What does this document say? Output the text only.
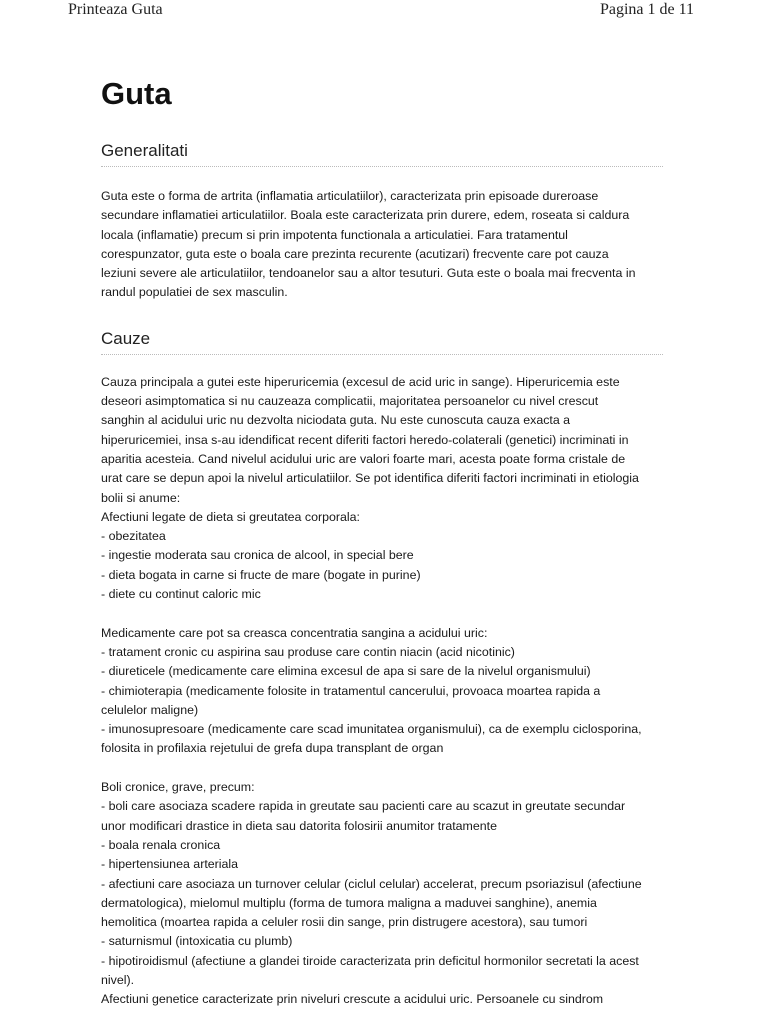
Printeaza Guta	Pagina 1 de 11
Guta
Generalitati

Guta este o forma de artrita (inflamatia articulatiilor), caracterizata prin episoade dureroase
secundare inflamatiei articulatiilor. Boala este caracterizata prin durere, edem, roseata si caldura
locala (inflamatie) precum si prin impotenta functionala a articulatiei. Fara tratamentul
corespunzator, guta este o boala care prezinta recurente (acutizari) frecvente care pot cauza
leziuni severe ale articulatiilor, tendoanelor sau a altor tesuturi. Guta este o boala mai frecventa in
randul populatiei de sex masculin.

Cauze

Cauza principala a gutei este hiperuricemia (excesul de acid uric in sange). Hiperuricemia este
deseori asimptomatica si nu cauzeaza complicatii, majoritatea persoanelor cu nivel crescut
sanghin al acidului uric nu dezvolta niciodata guta. Nu este cunoscuta cauza exacta a
hiperuricemiei, insa s-au idendificat recent diferiti factori heredo-colaterali (genetici) incriminati in
aparitia acesteia. Cand nivelul acidului uric are valori foarte mari, acesta poate forma cristale de
urat care se depun apoi la nivelul articulatiilor. Se pot identifica diferiti factori incriminati in etiologia
bolii si anume:
Afectiuni legate de dieta si greutatea corporala:
- obezitatea
- ingestie moderata sau cronica de alcool, in special bere
- dieta bogata in carne si fructe de mare (bogate in purine)
- diete cu continut caloric mic

Medicamente care pot sa creasca concentratia sangina a acidului uric:
- tratament cronic cu aspirina sau produse care contin niacin (acid nicotinic)
- diureticele (medicamente care elimina excesul de apa si sare de la nivelul organismului)
- chimioterapia (medicamente folosite in tratamentul cancerului, provoaca moartea rapida a
celulelor maligne)
- imunosupresoare (medicamente care scad imunitatea organismului), ca de exemplu ciclosporina,
folosita in profilaxia rejetului de grefa dupa transplant de organ

Boli cronice, grave, precum:
- boli care asociaza scadere rapida in greutate sau pacienti care au scazut in greutate secundar
unor modificari drastice in dieta sau datorita folosirii anumitor tratamente
- boala renala cronica
- hipertensiunea arteriala
- afectiuni care asociaza un turnover celular (ciclul celular) accelerat, precum psoriazisul (afectiune
dermatologica), mielomul multiplu (forma de tumora maligna a maduvei sanghine), anemia
hemolitica (moartea rapida a celuler rosii din sange, prin distrugere acestora), sau tumori
- saturnismul (intoxicatia cu plumb)
- hipotiroidismul (afectiune a glandei tiroide caracterizata prin deficitul hormonilor secretati la acest
nivel).
Afectiuni genetice caracterizate prin niveluri crescute a acidului uric. Persoanele cu sindrom
